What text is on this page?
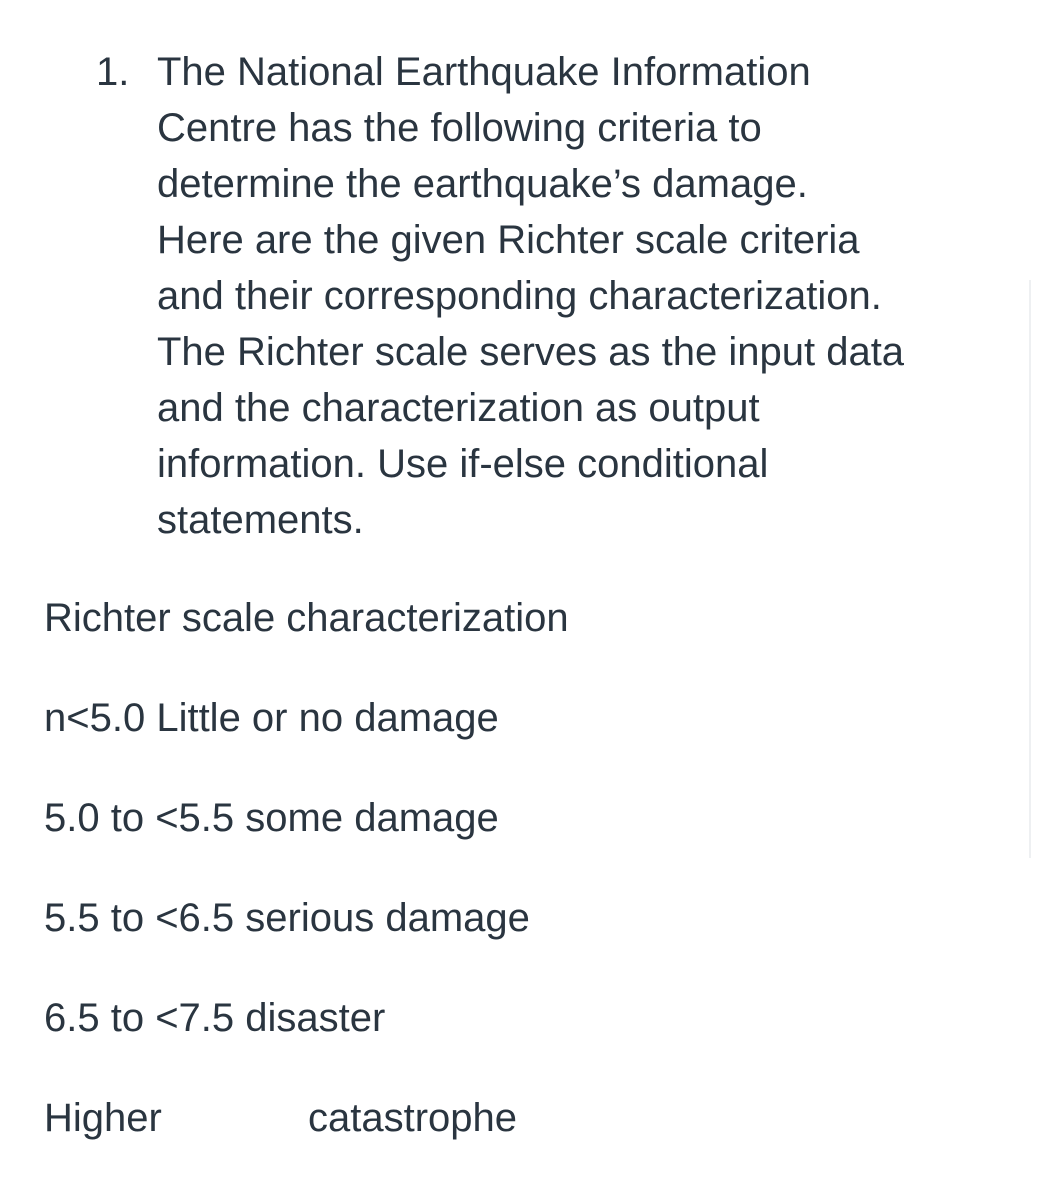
1. The National Earthquake Information
Centre has the following criteria to
determine the earthquake’s damage.
Here are the given Richter scale criteria
and their corresponding characterization.
The Richter scale serves as the input data
and the characterization as output
information. Use if-else conditional
statements.
Richter scale characterization
n<5.0 Little or no damage
5.0 to <5.5 some damage
5.5 to <6.5 serious damage
6.5 to <7.5 disaster
Higher	catastrophe
